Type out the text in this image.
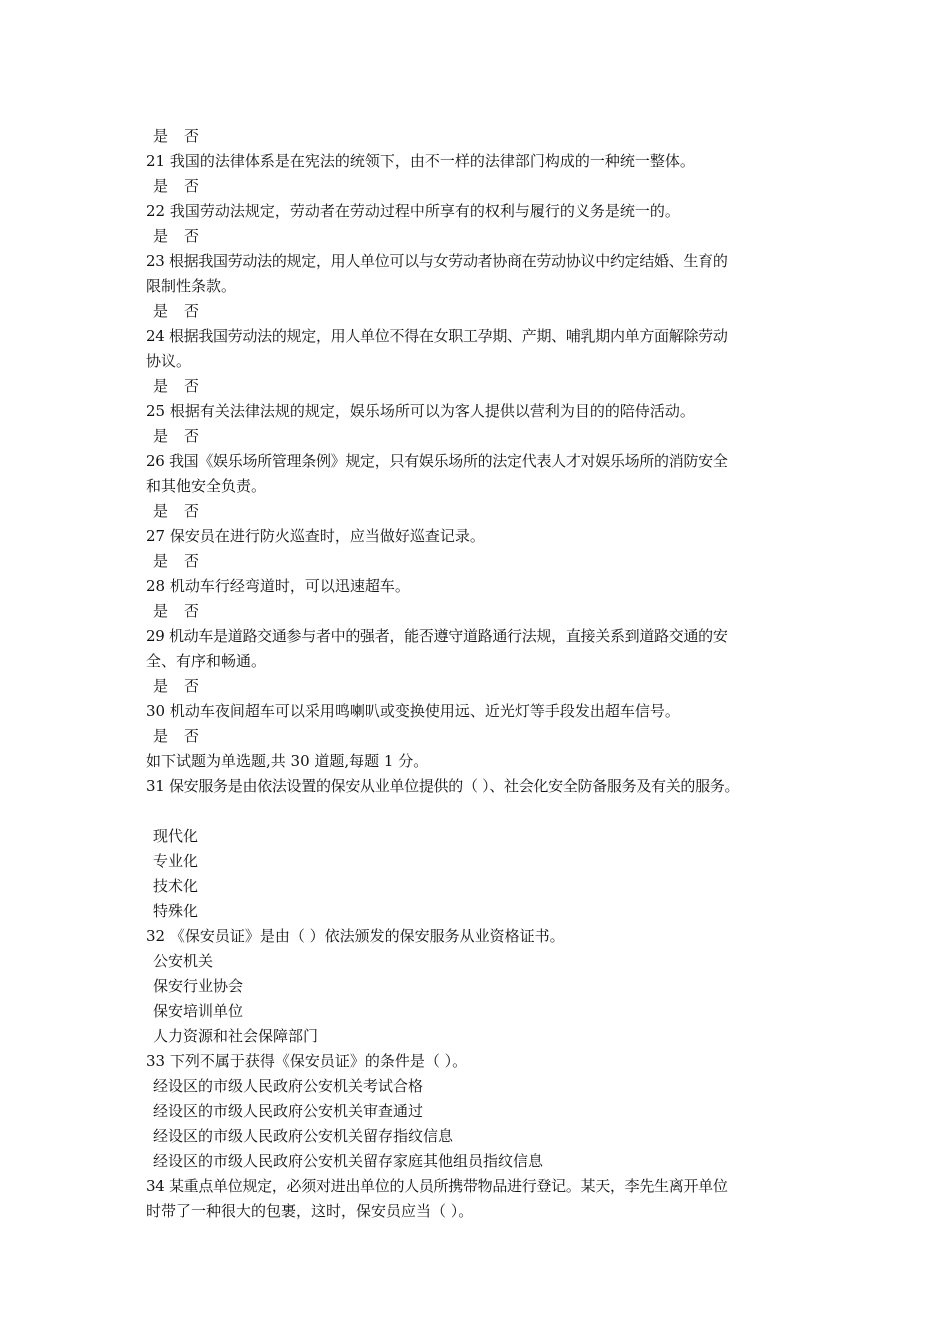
是 否
21 我国的法律体系是在宪法的统领下，由不一样的法律部门构成的一种统一整体。
是 否
22 我国劳动法规定，劳动者在劳动过程中所享有的权利与履行的义务是统一的。
是 否
23 根据我国劳动法的规定，用人单位可以与女劳动者协商在劳动协议中约定结婚、生育的
限制性条款。
是 否
24 根据我国劳动法的规定，用人单位不得在女职工孕期、产期、哺乳期内单方面解除劳动
协议。
是 否
25 根据有关法律法规的规定，娱乐场所可以为客人提供以营利为目的的陪侍活动。
是 否
26 我国《娱乐场所管理条例》规定，只有娱乐场所的法定代表人才对娱乐场所的消防安全
和其他安全负责。
是 否
27 保安员在进行防火巡查时，应当做好巡查记录。
是 否
28 机动车行经弯道时，可以迅速超车。
是 否
29 机动车是道路交通参与者中的强者，能否遵守道路通行法规，直接关系到道路交通的安
全、有序和畅通。
是 否
30 机动车夜间超车可以采用鸣喇叭或变换使用远、近光灯等手段发出超车信号。
是 否
如下试题为单选题,共 30 道题,每题 1 分。
31 保安服务是由依法设置的保安从业单位提供的（ ）、社会化安全防备服务及有关的服务。
现代化
专业化
技术化
特殊化
32 《保安员证》是由（ ）依法颁发的保安服务从业资格证书。
公安机关
保安行业协会
保安培训单位
人力资源和社会保障部门
33 下列不属于获得《保安员证》的条件是（ ）。
经设区的市级人民政府公安机关考试合格
经设区的市级人民政府公安机关审查通过
经设区的市级人民政府公安机关留存指纹信息
经设区的市级人民政府公安机关留存家庭其他组员指纹信息
34 某重点单位规定，必须对进出单位的人员所携带物品进行登记。某天，李先生离开单位
时带了一种很大的包裹，这时，保安员应当（ ）。
